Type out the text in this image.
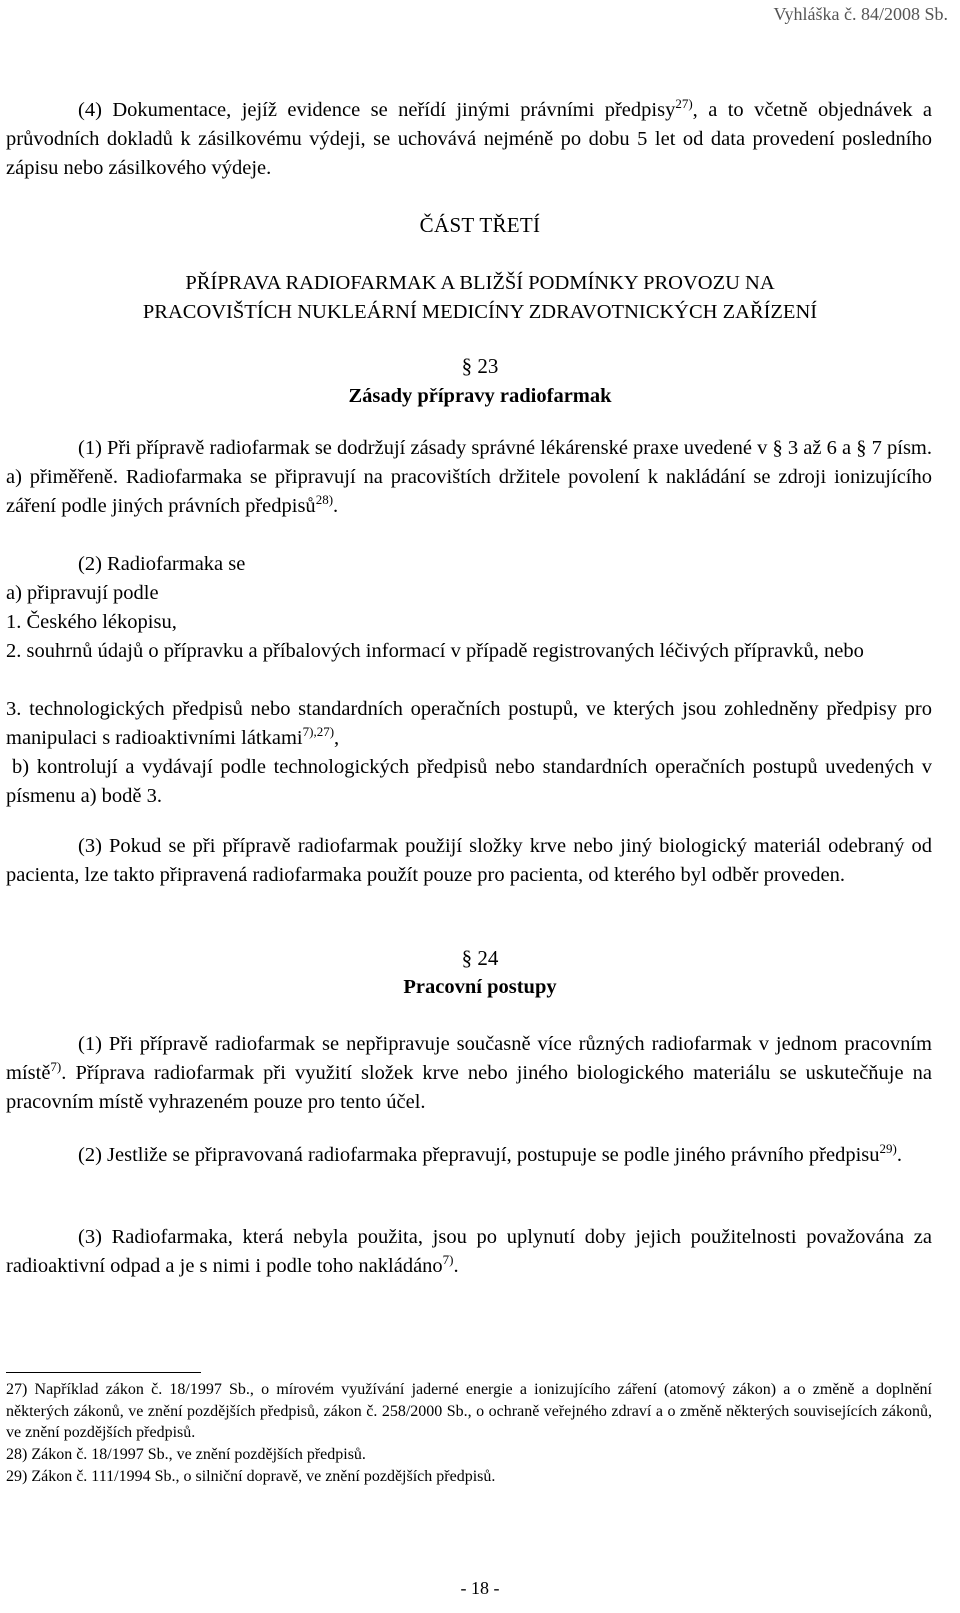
Vyhláška č. 84/2008 Sb.

(4) Dokumentace, jejíž evidence se neřídí jinými právními předpisy$^{27)}$, a to včetně objednávek a průvodních dokladů k zásilkovému výdeji, se uchovává nejméně po dobu 5 let od data provedení posledního zápisu nebo zásilkového výdeje.

ČÁST TŘETÍ
PŘÍPRAVA RADIOFARMAK A BLIŽŠÍ PODMÍNKY PROVOZU NA
PRACOVIŠTÍCH NUKLEÁRNÍ MEDICÍNY ZDRAVOTNICKÝCH ZAŘÍZENÍ
§ 23
Zásady přípravy radiofarmak

(1) Při přípravě radiofarmak se dodržují zásady správné lékárenské praxe uvedené v § 3 až 6 a § 7 písm. a) přiměřeně. Radiofarmaka se připravují na pracovištích držitele povolení k nakládání se zdroji ionizujícího záření podle jiných právních předpisů$^{28)}$.

(2) Radiofarmaka se
a) připravují podle
1. Českého lékopisu,

2. souhrnů údajů o přípravku a příbalových informací v případě registrovaných léčivých přípravků, nebo

3. technologických předpisů nebo standardních operačních postupů, ve kterých jsou zohledněny předpisy pro manipulaci s radioaktivními látkami$^{7),27)}$,

b) kontrolují a vydávají podle technologických předpisů nebo standardních operačních postupů uvedených v písmenu a) bodě 3.

(3) Pokud se při přípravě radiofarmak použijí složky krve nebo jiný biologický materiál odebraný od pacienta, lze takto připravená radiofarmaka použít pouze pro pacienta, od kterého byl odběr proveden.

§ 24
Pracovní postupy

(1) Při přípravě radiofarmak se nepřipravuje současně více různých radiofarmak v jednom pracovním místě$^{7)}$. Příprava radiofarmak při využití složek krve nebo jiného biologického materiálu se uskutečňuje na pracovním místě vyhrazeném pouze pro tento účel.

(2) Jestliže se připravovaná radiofarmaka přepravují, postupuje se podle jiného právního předpisu$^{29)}$.

(3) Radiofarmaka, která nebyla použita, jsou po uplynutí doby jejich použitelnosti považována za radioaktivní odpad a je s nimi i podle toho nakládáno$^{7)}$.

27) Například zákon č. 18/1997 Sb., o mírovém využívání jaderné energie a ionizujícího záření (atomový zákon) a o změně a doplnění některých zákonů, ve znění pozdějších předpisů, zákon č. 258/2000 Sb., o ochraně veřejného zdraví a o změně některých souvisejících zákonů, ve znění pozdějších předpisů.

28) Zákon č. 18/1997 Sb., ve znění pozdějších předpisů.

29) Zákon č. 111/1994 Sb., o silniční dopravě, ve znění pozdějších předpisů.

- 18 -
